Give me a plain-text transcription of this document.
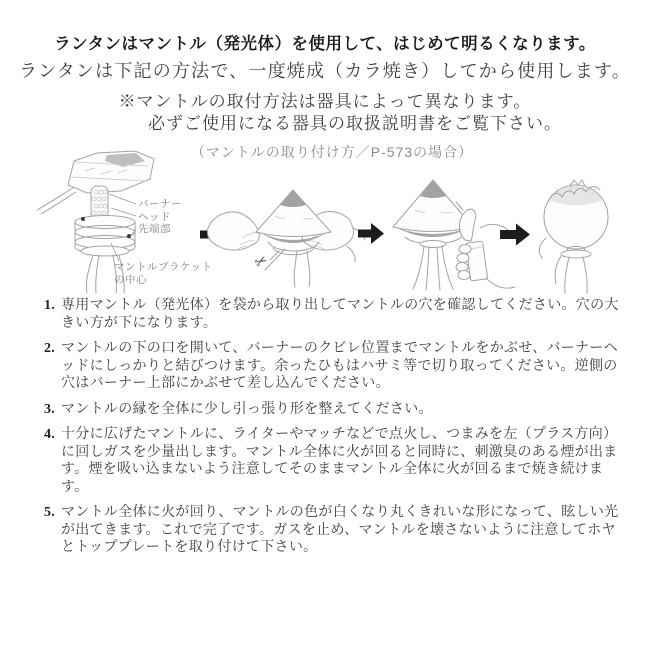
ランタンはマントル（発光体）を使用して、はじめて明るくなります。
ランタンは下記の方法で、一度焼成（カラ焼き）してから使用します。
※マントルの取付方法は器具によって異なります。
必ずご使用になる器具の取扱説明書をご覧下さい。
（マントルの取り付け方／P-573の場合）
✂
バーナー
ヘッド
先端部
マントルブラケット
の中心
1. 専用マントル（発光体）を袋から取り出してマントルの穴を確認してください。穴の大きい方が下になります。
2. マントルの下の口を開いて、バーナーのクビレ位置までマントルをかぶせ、バーナーヘッドにしっかりと結びつけます。余ったひもはハサミ等で切り取ってください。逆側の穴はバーナー上部にかぶせて差し込んでください。
3. マントルの縁を全体に少し引っ張り形を整えてください。
4. 十分に広げたマントルに、ライターやマッチなどで点火し、つまみを左（プラス方向）に回しガスを少量出します。マントル全体に火が回ると同時に、刺激臭のある煙が出ます。煙を吸い込まないよう注意してそのままマントル全体に火が回るまで焼き続けます。
5. マントル全体に火が回り、マントルの色が白くなり丸くきれいな形になって、眩しい光が出てきます。これで完了です。ガスを止め、マントルを壊さないように注意してホヤとトッププレートを取り付けて下さい。
